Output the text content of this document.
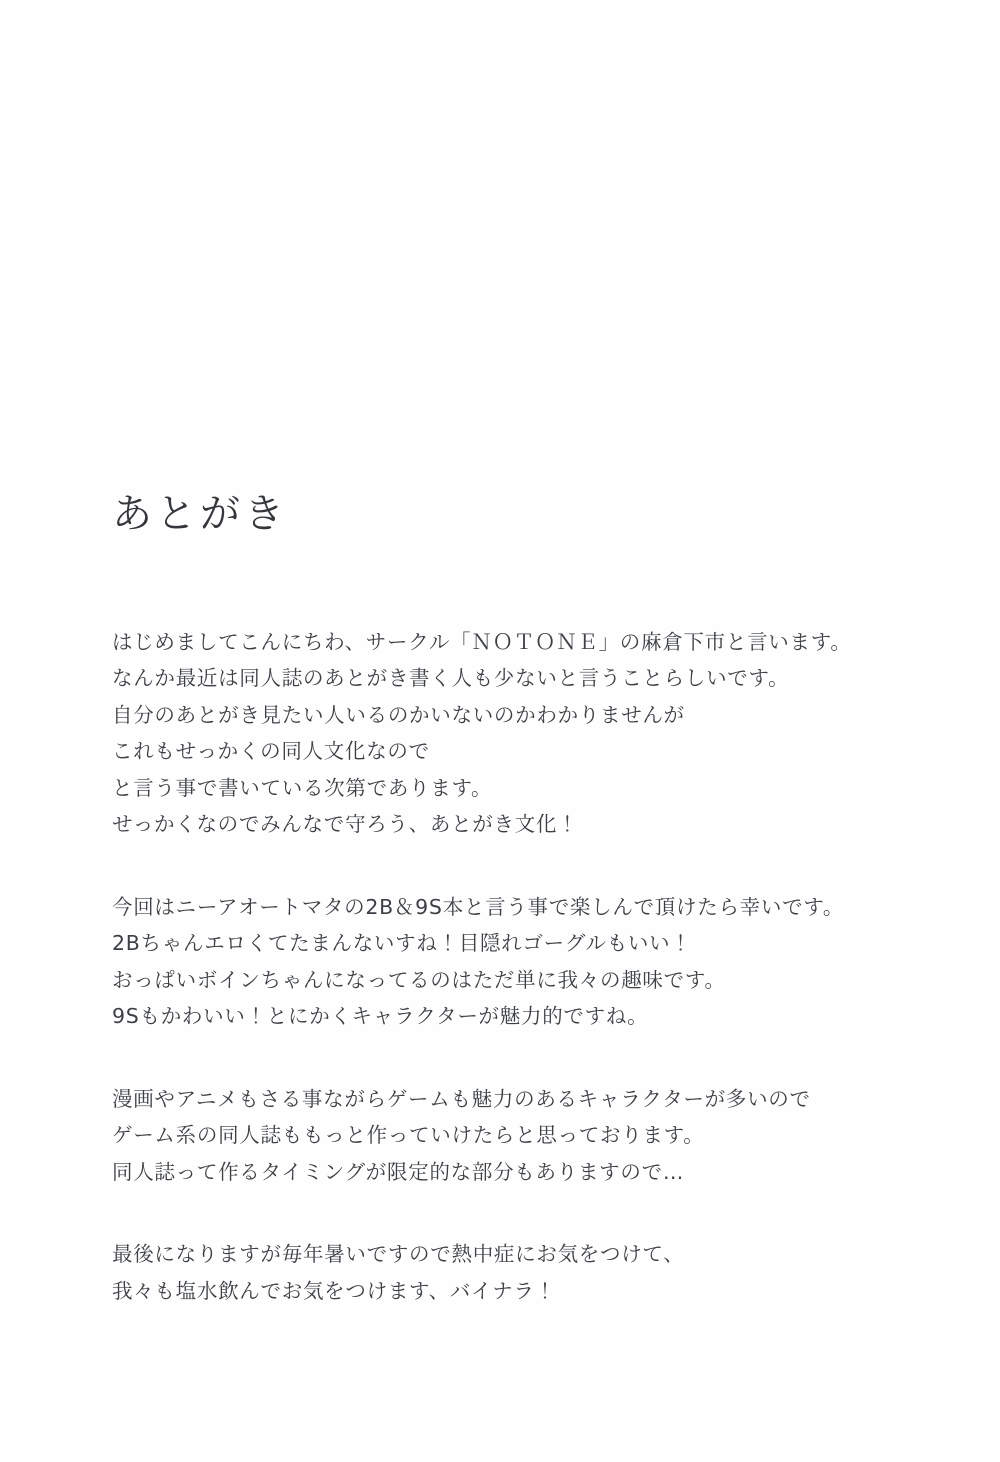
あとがき
はじめましてこんにちわ、サークル「ＮＯＴＯＮＥ」の麻倉下市と言います。
なんか最近は同人誌のあとがき書く人も少ないと言うことらしいです。
自分のあとがき見たい人いるのかいないのかわかりませんが
これもせっかくの同人文化なので
と言う事で書いている次第であります。
せっかくなのでみんなで守ろう、あとがき文化！
今回はニーアオートマタの2B＆9S本と言う事で楽しんで頂けたら幸いです。
2Bちゃんエロくてたまんないすね！目隠れゴーグルもいい！
おっぱいボインちゃんになってるのはただ単に我々の趣味です。
9Sもかわいい！とにかくキャラクターが魅力的ですね。
漫画やアニメもさる事ながらゲームも魅力のあるキャラクターが多いので
ゲーム系の同人誌ももっと作っていけたらと思っております。
同人誌って作るタイミングが限定的な部分もありますので…
最後になりますが毎年暑いですので熱中症にお気をつけて、
我々も塩水飲んでお気をつけます、バイナラ！
